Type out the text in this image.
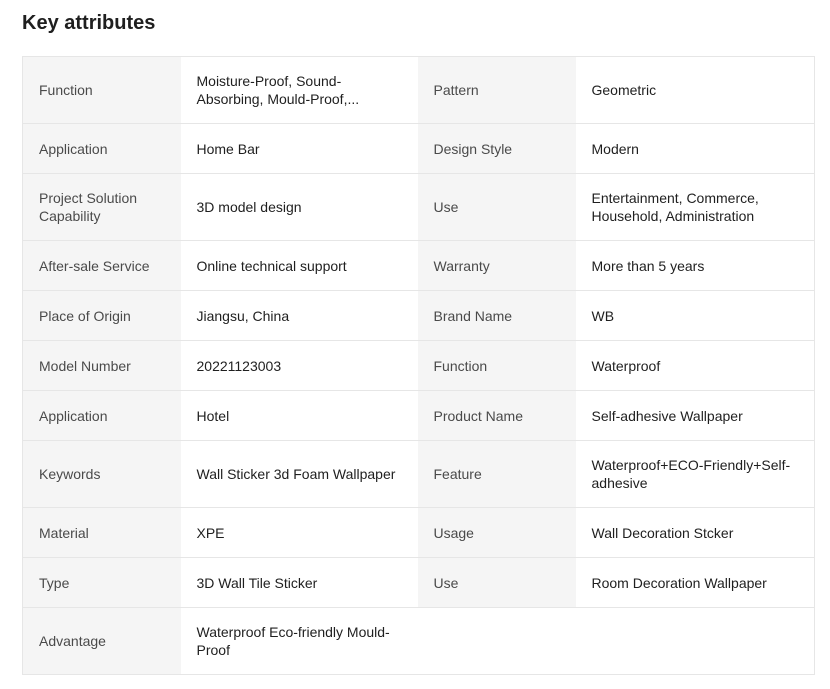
Key attributes
Function	Moisture-Proof, Sound-Absorbing, Mould-Proof,...	Pattern	Geometric
Application	Home Bar	Design Style	Modern
Project Solution Capability	3D model design	Use	Entertainment, Commerce, Household, Administration
After-sale Service	Online technical support	Warranty	More than 5 years
Place of Origin	Jiangsu, China	Brand Name	WB
Model Number	20221123003	Function	Waterproof
Application	Hotel	Product Name	Self-adhesive Wallpaper
Keywords	Wall Sticker 3d Foam Wallpaper	Feature	Waterproof+ECO-Friendly+Self-adhesive
Material	XPE	Usage	Wall Decoration Stcker
Type	3D Wall Tile Sticker	Use	Room Decoration Wallpaper
Advantage	Waterproof Eco-friendly Mould-Proof		
